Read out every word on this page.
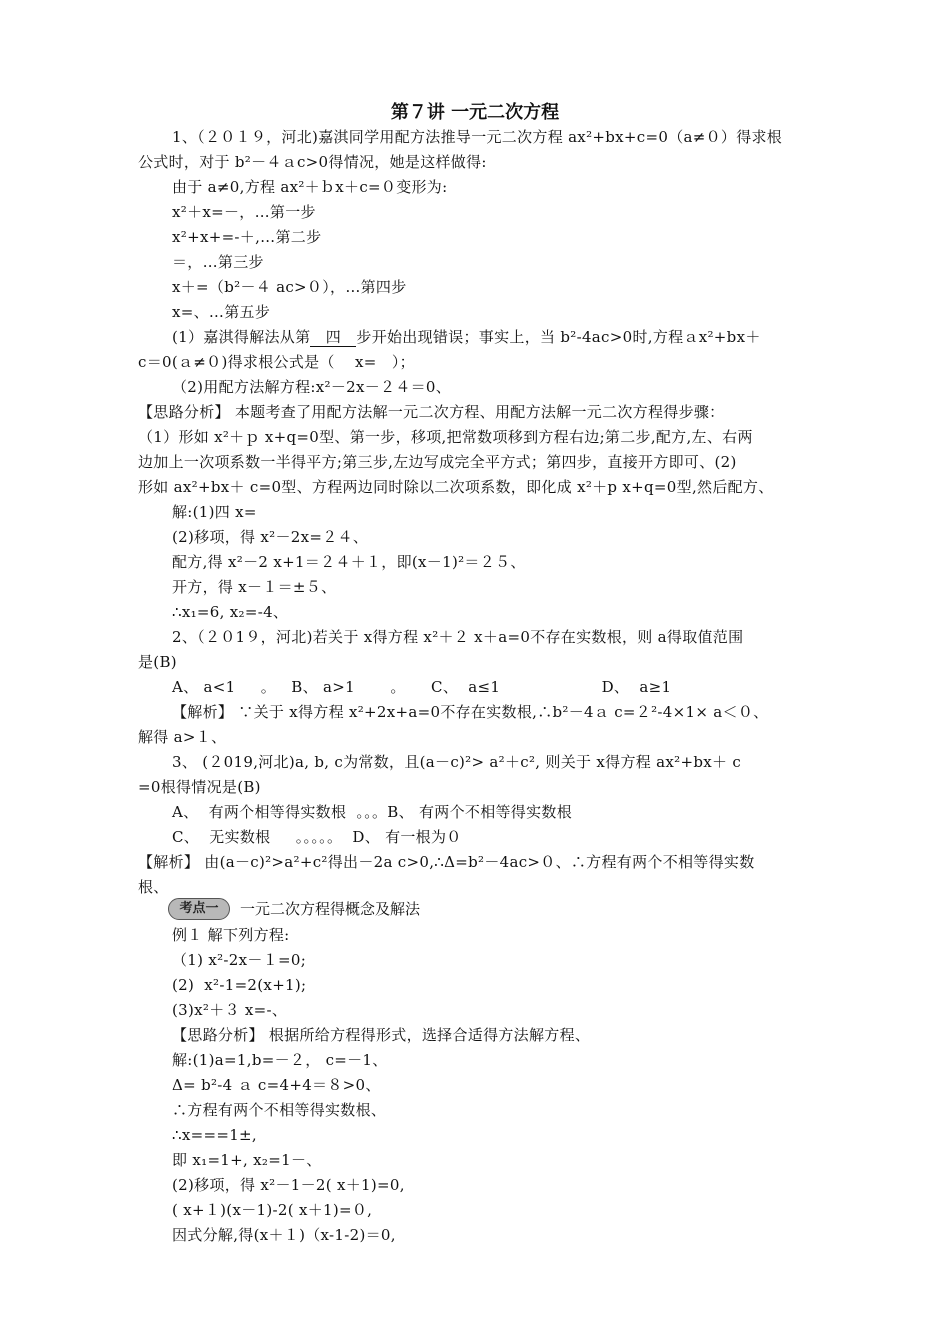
第７讲 一元二次方程
1、（２０１９，河北)嘉淇同学用配方法推导一元二次方程 ax²+bx+c=0（a≠０）得求根
公式时，对于 b²－４ａc>0得情况，她是这样做得:
由于 a≠0,方程 ax²＋ｂx＋c=０变形为:
x²＋x=－，…第一步
x²+x+=-＋,…第二步
＝，…第三步
x＋=（b²－４ ac>０），…第四步
x=、…第五步
(1）嘉淇得解法从第 四 步开始出现错误；事实上，当 b²-4ac>0时,方程ａx²+bx＋
c＝0(ａ≠０)得求根公式是（    x=   ）；
（2)用配方法解方程:x²－2x－２４＝0、
【思路分析】 本题考查了用配方法解一元二次方程、用配方法解一元二次方程得步骤：
（1）形如 x²＋ｐ x+q=0型、第一步，移项,把常数项移到方程右边;第二步,配方,左、右两
边加上一次项系数一半得平方;第三步,左边写成完全平方式；第四步，直接开方即可、(2)
形如 ax²+bx＋ c=0型、方程两边同时除以二次项系数，即化成 x²＋p x+q=0型,然后配方、
解:(1)四 x=
(2)移项，得 x²－2x=２４、
配方,得 x²－2 x+1＝２４＋１，即(x－1)²＝２５、
开方，得 x－１＝±５、
∴x₁=6, x₂=-4、
2、（２０1９，河北)若关于 x得方程 x²＋２ x＋a=0不存在实数根，则 a得取值范围
是(B)
A、 a<1     。   B、 a>1       。     C、  a≤1                    D、  a≥1
【解析】 ∵关于 x得方程 x²+2x+a=0不存在实数根,∴b²－4ａ c=２²-4×1× a＜０、
解得 a>１、
3、 (２019,河北)a, b, c为常数，且(a－c)²> a²＋c², 则关于 x得方程 ax²+bx＋ c
=0根得情况是(B)
A、  有两个相等得实数根  。。。B、 有两个不相等得实数根
C、  无实数根     。。。。。  D、 有一根为０
【解析】 由(a－c)²>a²+c²得出－2a c>0,∴Δ=b²－4ac>０、∴方程有两个不相等得实数
根、
考点一	一元二次方程得概念及解法
例１ 解下列方程:
（1) x²-2x－１=0;
(2)  x²-1=2(x+1);
(3)x²＋３ x=-、
【思路分析】 根据所给方程得形式，选择合适得方法解方程、
解:(1)a=1,b=－２， c=－1、
Δ= b²-4 ａ c=4+4＝８>0、
∴方程有两个不相等得实数根、
∴x===1±,
即 x₁=1+, x₂=1－、
(2)移项，得 x²－1－2( x＋1)=0,
( x+１)(x－1)-2( x＋1)=０,
因式分解,得(x＋１)（x-1-2)＝0,
